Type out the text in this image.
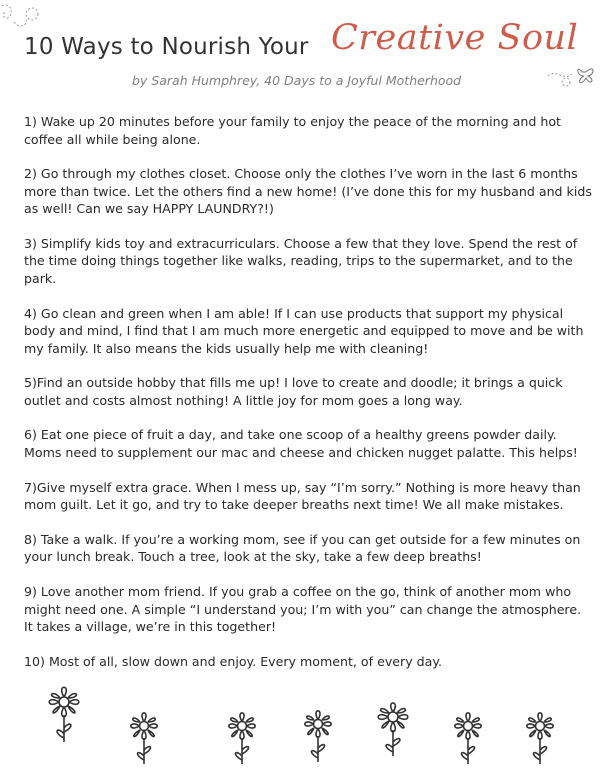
10 Ways to Nourish Your Creative Soul
by Sarah Humphrey, 40 Days to a Joyful Motherhood
1) Wake up 20 minutes before your family to enjoy the peace of the morning and hot coffee all while being alone.
2) Go through my clothes closet. Choose only the clothes I’ve worn in the last 6 months more than twice. Let the others find a new home! (I’ve done this for my husband and kids as well! Can we say HAPPY LAUNDRY?!)
3) Simplify kids toy and extracurriculars. Choose a few that they love. Spend the rest of the time doing things together like walks, reading, trips to the supermarket, and to the park.
4) Go clean and green when I am able! If I can use products that support my physical body and mind, I find that I am much more energetic and equipped to move and be with my family. It also means the kids usually help me with cleaning!
5)Find an outside hobby that fills me up! I love to create and doodle; it brings a quick outlet and costs almost nothing! A little joy for mom goes a long way.
6) Eat one piece of fruit a day, and take one scoop of a healthy greens powder daily. Moms need to supplement our mac and cheese and chicken nugget palatte. This helps!
7)Give myself extra grace. When I mess up, say “I’m sorry.” Nothing is more heavy than mom guilt. Let it go, and try to take deeper breaths next time! We all make mistakes.
8) Take a walk. If you’re a working mom, see if you can get outside for a few minutes on your lunch break. Touch a tree, look at the sky, take a few deep breaths!
9) Love another mom friend. If you grab a coffee on the go, think of another mom who might need one. A simple “I understand you; I’m with you” can change the atmosphere. It takes a village, we’re in this together!
10) Most of all, slow down and enjoy. Every moment, of every day.
